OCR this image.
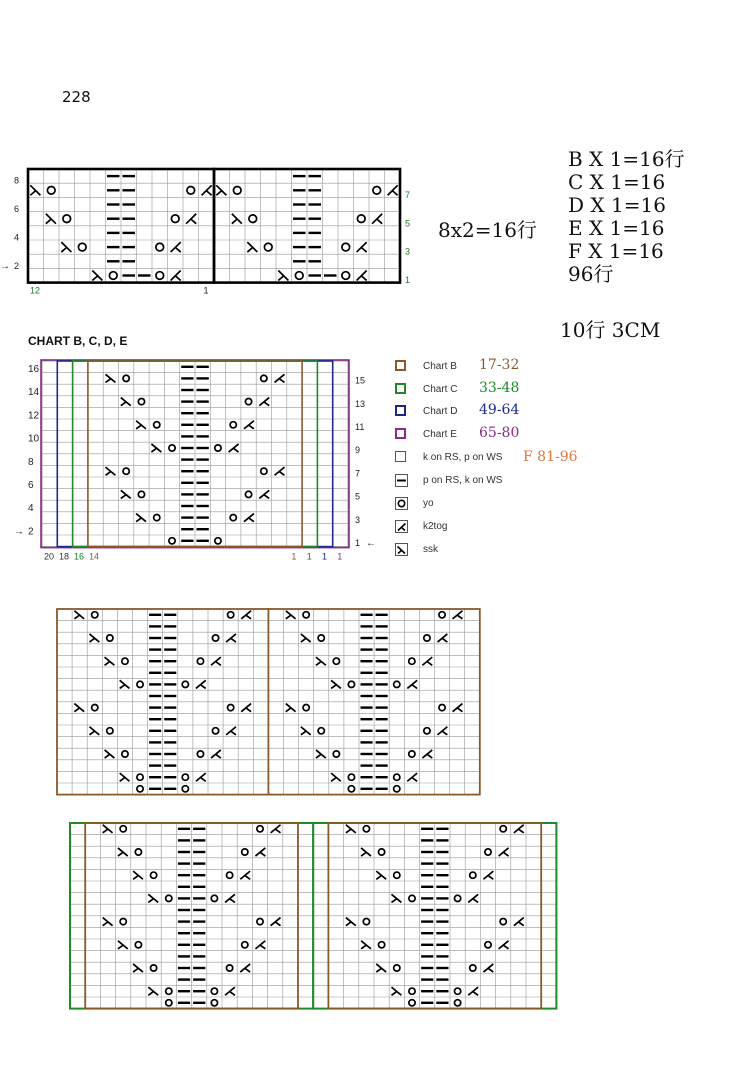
228
8
6
4
2
7
5
3
1
→
12	1
B X 1=16行
C X 1=16
D X 1=16
E X 1=16
F X 1=16
96行
8x2=16行
10行 3CM
CHART B, C, D, E
16
14
12
10
8
6
4
2
15
13
11
9
7
5
3
1
→
←
20 18 16 14	1 1 1 1
Chart B 17-32
Chart C 33-48
Chart D 49-64
Chart E 65-80
k on RS, p on WS F 81-96
p on RS, k on WS
yo
k2tog
ssk
